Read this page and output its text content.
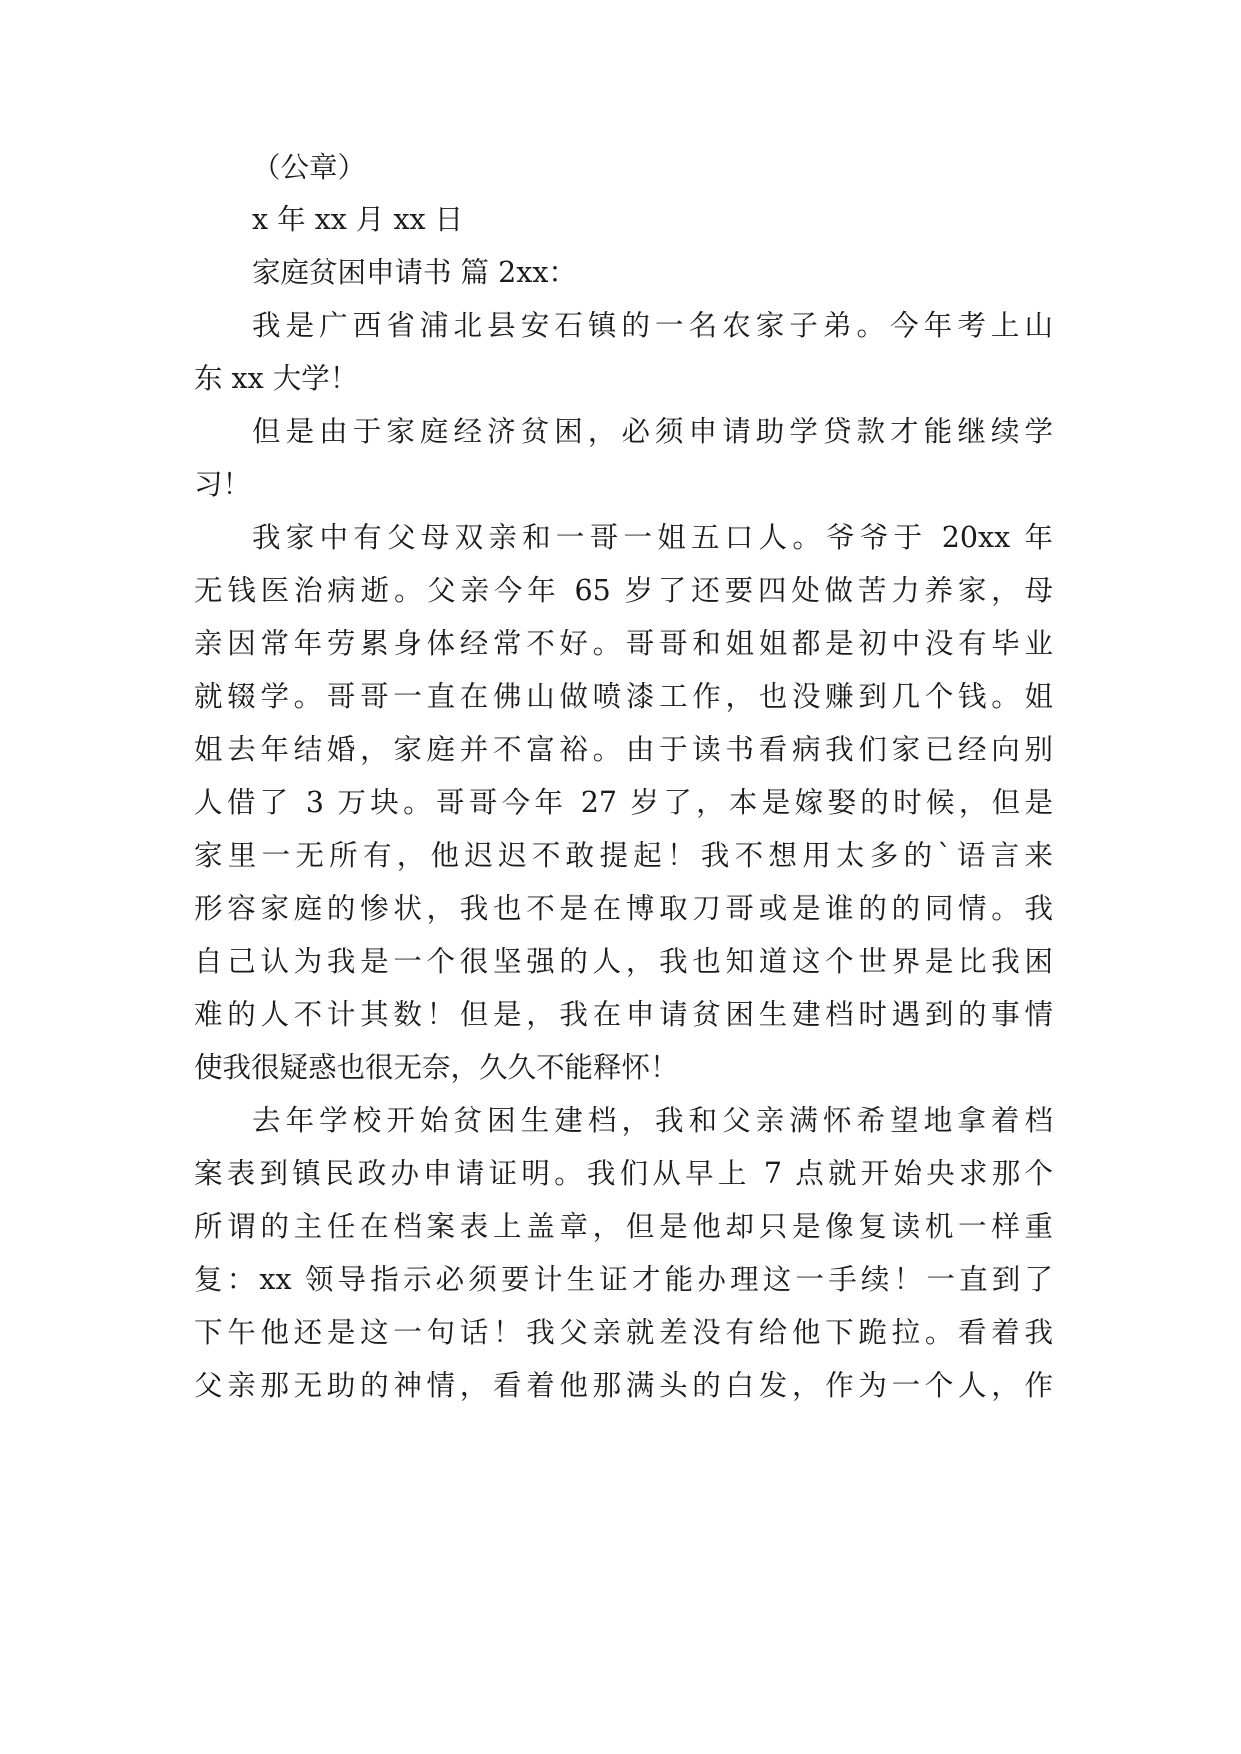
（公章）
x 年 xx 月 xx 日
家庭贫困申请书 篇 2xx：
我是广西省浦北县安石镇的一名农家子弟。今年考上山
东 xx 大学！
但是由于家庭经济贫困，必须申请助学贷款才能继续学
习！
我家中有父母双亲和一哥一姐五口人。爷爷于 20xx 年
无钱医治病逝。父亲今年 65 岁了还要四处做苦力养家，母
亲因常年劳累身体经常不好。哥哥和姐姐都是初中没有毕业
就辍学。哥哥一直在佛山做喷漆工作，也没赚到几个钱。姐
姐去年结婚，家庭并不富裕。由于读书看病我们家已经向别
人借了 3 万块。哥哥今年 27 岁了，本是嫁娶的时候，但是
家里一无所有，他迟迟不敢提起！我不想用太多的`语言来
形容家庭的惨状，我也不是在博取刀哥或是谁的的同情。我
自己认为我是一个很坚强的人，我也知道这个世界是比我困
难的人不计其数！但是，我在申请贫困生建档时遇到的事情
使我很疑惑也很无奈，久久不能释怀！
去年学校开始贫困生建档，我和父亲满怀希望地拿着档
案表到镇民政办申请证明。我们从早上 7 点就开始央求那个
所谓的主任在档案表上盖章，但是他却只是像复读机一样重
复：xx 领导指示必须要计生证才能办理这一手续！一直到了
下午他还是这一句话！我父亲就差没有给他下跪拉。看着我
父亲那无助的神情，看着他那满头的白发，作为一个人，作
